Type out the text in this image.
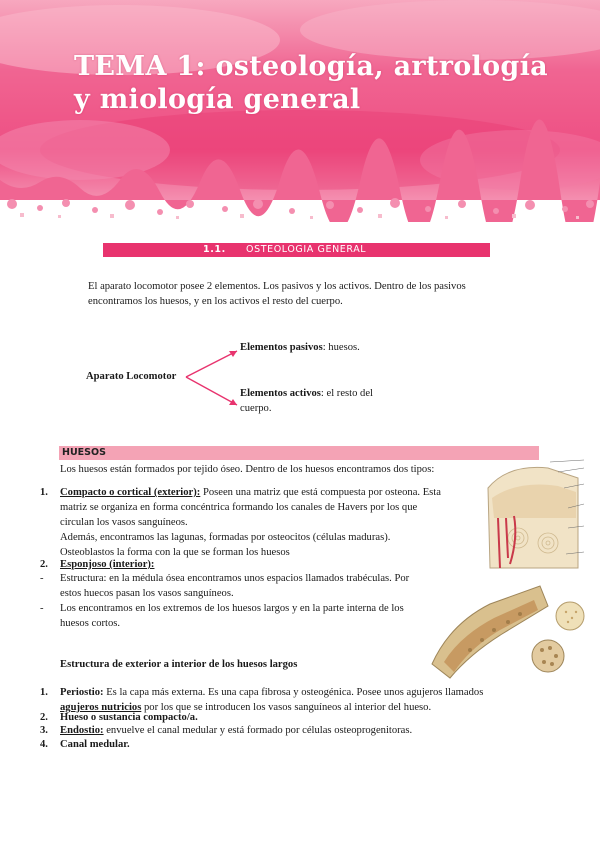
TEMA 1: osteología, artrología
y miología general
1.1. OSTEOLOGIA GENERAL
El aparato locomotor posee 2 elementos. Los pasivos y los activos. Dentro de los pasivos
encontramos los huesos, y en los activos el resto del cuerpo.
Aparato Locomotor
Elementos pasivos: huesos.
Elementos activos: el resto del
cuerpo.
HUESOS
Los huesos están formados por tejido óseo. Dentro de los huesos encontramos dos tipos:
1. Compacto o cortical (exterior): Poseen una matriz que está compuesta por osteona. Esta
matriz se organiza en forma concéntrica formando los canales de Havers por los que
circulan los vasos sanguíneos.
Además, encontramos las lagunas, formadas por osteocitos (células maduras).
Osteoblastos la forma con la que se forman los huesos
2. Esponjoso (interior):
- Estructura: en la médula ósea encontramos unos espacios llamados trabéculas. Por
estos huecos pasan los vasos sanguíneos.
- Los encontramos en los extremos de los huesos largos y en la parte interna de los
huesos cortos.
Estructura de exterior a interior de los huesos largos
1. Periostio: Es la capa más externa. Es una capa fibrosa y osteogénica. Posee unos agujeros llamados
agujeros nutricios por los que se introducen los vasos sanguíneos al interior del hueso.
2. Hueso o sustancia compacto/a.
3. Endostio: envuelve el canal medular y está formado por células osteoprogenitoras.
4. Canal medular.
